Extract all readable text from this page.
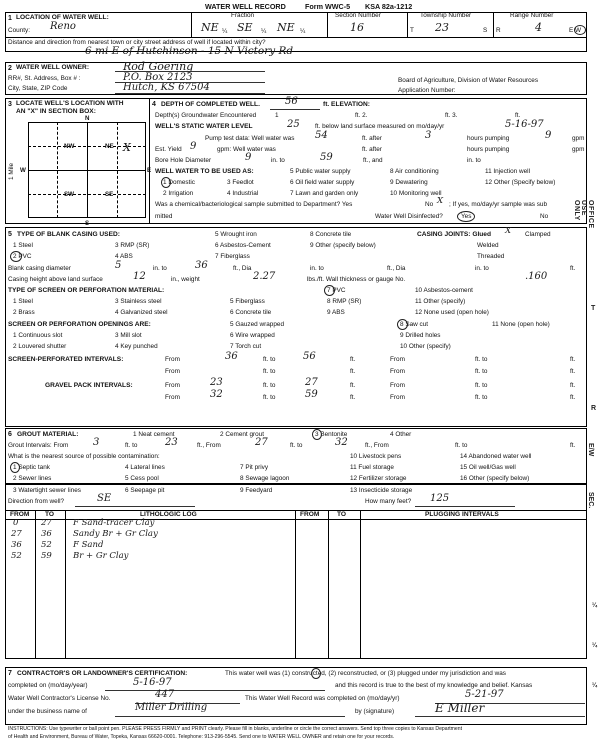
WATER WELL RECORD	Form WWC-5 KSA 82a-1212
1 LOCATION OF WATER WELL:
County: Reno
Fraction
NE ¼ SE ¼ NE ¼
Section Number
16
Township Number
T 23	S
Range Number
R	4	E W
Distance and direction from nearest town or city street address of well if located within city?
6 mi E of Hutchinson - 15 N Victory Rd
2 WATER WELL OWNER:	Rod Goering
RR#, St. Address, Box # :	P.O. Box 2123
City, State, ZIP Code	Hutch, KS 67504
Board of Agriculture, Division of Water Resources
Application Number:
3 LOCATE WELL'S LOCATION WITH
AN "X" IN SECTION BOX:
N
S
W	E
NW	NE
SW	SE
X
1 Mile
4 DEPTH OF COMPLETED WELL.	56	ft. ELEVATION:
Depth(s) Groundwater Encountered	1	ft. 2.	ft. 3.	ft.
WELL'S STATIC WATER LEVEL	25 ft. below land surface measured on mo/day/yr	5-16-97
Pump test data: Well water was 54	ft. after	3	hours pumping	9	gpm
Est. Yield 9	gpm: Well water was	ft. after	hours pumping	gpm
Bore Hole Diameter	9	in. to	59	ft., and	in. to
WELL WATER TO BE USED AS:
1 Domestic	3 Feedlot
5 Public water supply	8 Air conditioning	11 Injection well
6 Oil field water supply	9 Dewatering	12 Other (Specify below)
2 Irrigation	4 Industrial	7 Lawn and garden only	10 Monitoring well
Was a chemical/bacteriological sample submitted to Department? Yes	No X ; If yes, mo/day/yr sample was sub
mitted	Water Well Disinfected?	Yes	No
5 TYPE OF BLANK CASING USED:
1 Steel	3 RMP (SR)
5 Wrought iron	8 Concrete tile
6 Asbestos-Cement	9 Other (specify below)
2 PVC	4 ABS	7 Fiberglass
CASING JOINTS: Glued X Clamped
Welded
Threaded
Blank casing diameter	5	in. to	36	ft., Dia	in. to	ft., Dia	in. to	ft.
Casing height above land surface	12	in., weight	2.27	lbs./ft. Wall thickness or gauge No.	.160
TYPE OF SCREEN OR PERFORATION MATERIAL:
1 Steel	3 Stainless steel	5 Fiberglass
7 PVC	10 Asbestos-cement
8 RMP (SR)	11 Other (specify)
2 Brass	4 Galvanized steel	6 Concrete tile	9 ABS	12 None used (open hole)
SCREEN OR PERFORATION OPENINGS ARE:
1 Continuous slot	3 Mill slot
5 Gauzed wrapped	8 Saw cut	11 None (open hole)
6 Wire wrapped	9 Drilled holes
2 Louvered shutter	4 Key punched	7 Torch cut	10 Other (specify)
SCREEN-PERFORATED INTERVALS:	From	36	ft. to	56	ft.	From	ft. to	ft.
From	ft. to	ft.	From	ft. to	ft.
GRAVEL PACK INTERVALS:	From	23	ft. to	27	ft.	From	ft. to	ft.
From	32	ft. to	59	ft.	From	ft. to	ft.
6 GROUT MATERIAL:	1 Neat cement	2 Cement grout	3 Bentonite	4 Other
Grout Intervals: From 3	ft. to	23	ft., From	27	ft. to	32	ft., From	ft. to	ft.
What is the nearest source of possible contamination:
1 Septic tank	4 Lateral lines	7 Pit privy
10 Livestock pens	14 Abandoned water well
11 Fuel storage	15 Oil well/Gas well
2 Sewer lines	5 Cess pool	8 Sewage lagoon	12 Fertilizer storage	16 Other (specify below)
3 Watertight sewer lines	6 Seepage pit	9 Feedyard	13 Insecticide storage
Direction from well?	SE	How many feet? 125
FROM TO	LITHOLOGIC LOG	FROM	TO	PLUGGING INTERVALS
0	27 F Sand-tracer Clay
27 36 Sandy Br + Gr Clay
36 52 F Sand
52 59 Br + Gr Clay
7 CONTRACTOR'S OR LANDOWNER'S CERTIFICATION:	This water well was (1) constructed, (2) reconstructed, or (3) plugged under my jurisdiction and was
completed on (mo/day/year)	5-16-97	and this record is true to the best of my knowledge and belief. Kansas
Water Well Contractor's License No.	447	This Water Well Record was completed on (mo/day/yr)	5-21-97
under the business name of	Miller Drilling	by (signature)	E Miller
INSTRUCTIONS: Use typewriter or ball point pen. PLEASE PRESS FIRMLY and PRINT clearly. Please fill in blanks, underline or circle the correct answers. Send top three copies to Kansas Department
of Health and Environment, Bureau of Water, Topeka, Kansas 66620-0001. Telephone: 913-296-5545. Send one to WATER WELL OWNER and retain one for your records.
OFFICE USE ONLY
T
R
E/W
SEC.
¼
¼
¼
